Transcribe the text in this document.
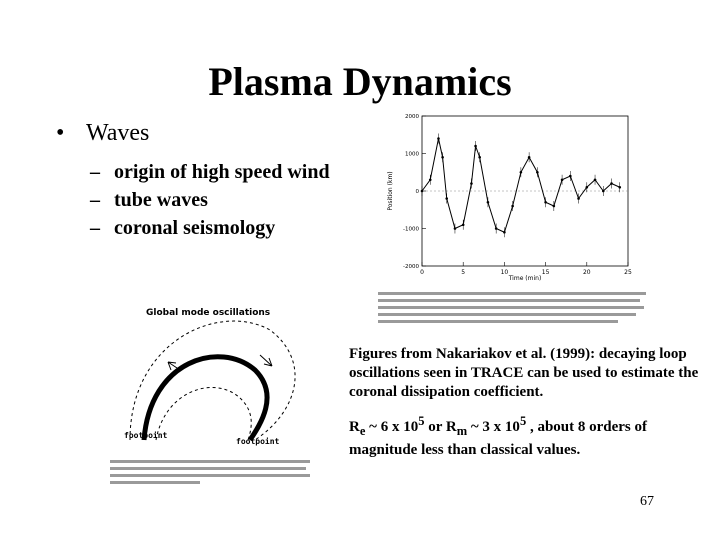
Plasma Dynamics
• Waves
– origin of high speed wind
– tube waves
– coronal seismology
0	5	10	15	20	25
-2000
-1000
0
1000
2000
Time (min)
Position (km)
Global mode oscillations
footpoint
footpoint

Figures from Nakariakov et al. (1999): decaying loop oscillations seen in TRACE can be used to estimate the coronal dissipation coefficient.

$R_e$ ~ 6 x $10^5$ or $R_m$ ~ 3 x $10^5$ , about 8 orders of magnitude less than classical values.

67
